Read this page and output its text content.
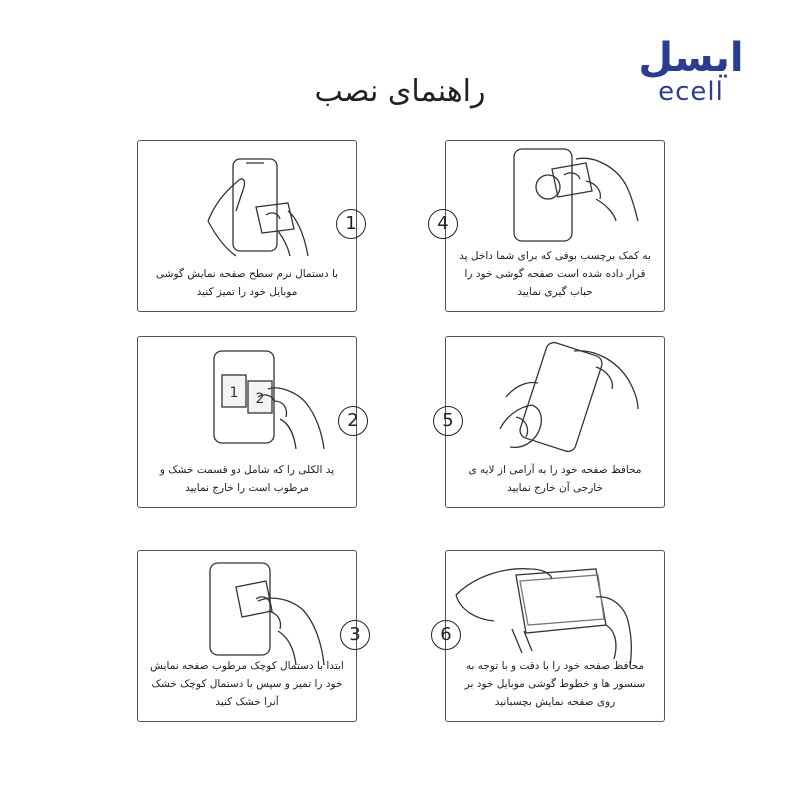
ایسل
ecell
راهنمای نصب
با دستمال نرم سطح صفحه نمایش گوشی موبایل خود را تمیز کنید
1
1 2
پد الکلی را که شامل دو قسمت خشک و مرطوب است را خارج نمایید
2
ابتدا با دستمال کوچک مرطوب صفحه نمایش خود را تمیز و سپس با دستمال کوچک خشک آنرا خشک کنید
3
به کمک برچسب بوفی که برای شما داخل پد قرار داده شده است صفحه گوشی خود را حباب گیری نمایید
4
محافظ صفحه خود را به آرامی از لایه ی خارجی آن خارج نمایید
5
محافظ صفحه خود را با دقت و با توجه به سنسور ها و خطوط گوشی موبایل خود بر روی صفحه نمایش بچسبانید
6
